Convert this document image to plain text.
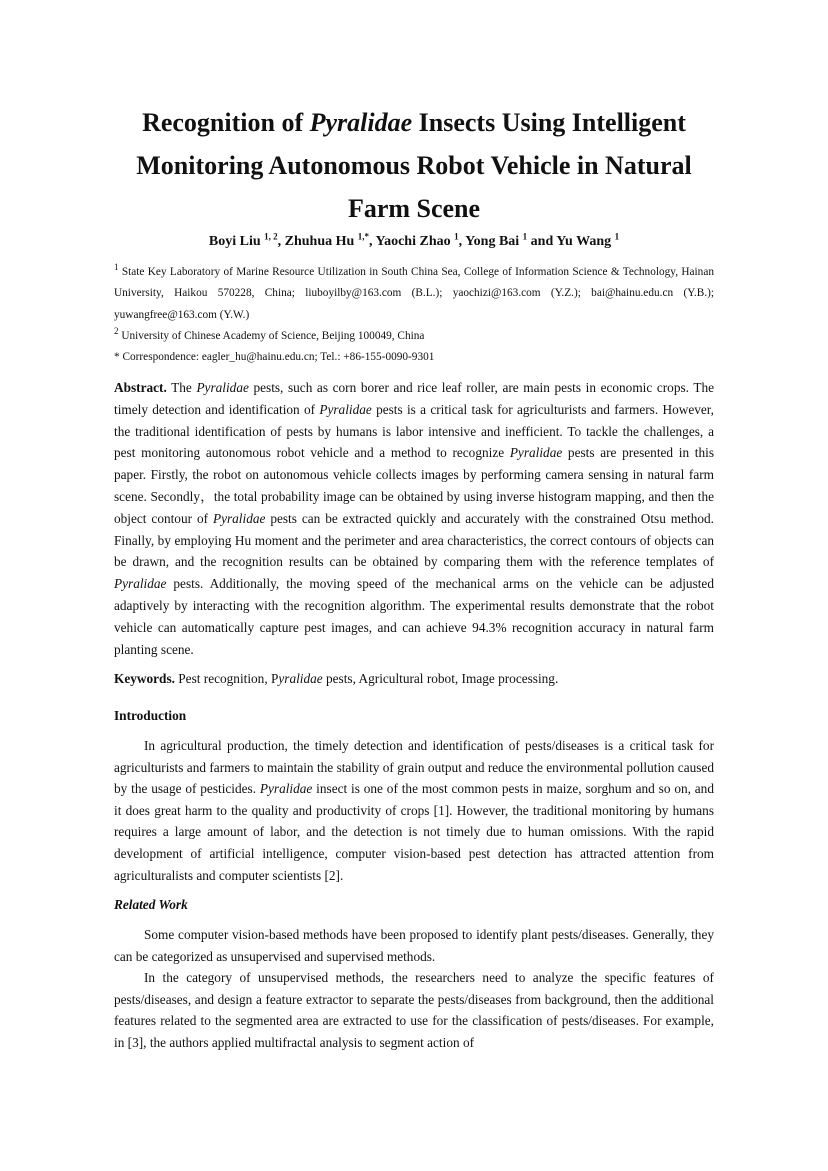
Recognition of Pyralidae Insects Using Intelligent Monitoring Autonomous Robot Vehicle in Natural Farm Scene
Boyi Liu $^{1, 2}$, Zhuhua Hu $^{1,*}$, Yaochi Zhao $^1$, Yong Bai $^1$ and Yu Wang $^1$

$^1$ State Key Laboratory of Marine Resource Utilization in South China Sea, College of Information Science & Technology, Hainan University, Haikou 570228, China; liuboyilby@163.com (B.L.); yaochizi@163.com (Y.Z.); bai@hainu.edu.cn (Y.B.); yuwangfree@163.com (Y.W.)

$^2$ University of Chinese Academy of Science, Beijing 100049, China

* Correspondence: eagler_hu@hainu.edu.cn; Tel.: +86-155-0090-9301

Abstract. The Pyralidae pests, such as corn borer and rice leaf roller, are main pests in economic crops. The timely detection and identification of Pyralidae pests is a critical task for agriculturists and farmers. However, the traditional identification of pests by humans is labor intensive and inefficient. To tackle the challenges, a pest monitoring autonomous robot vehicle and a method to recognize Pyralidae pests are presented in this paper. Firstly, the robot on autonomous vehicle collects images by performing camera sensing in natural farm scene. Secondly，the total probability image can be obtained by using inverse histogram mapping, and then the object contour of Pyralidae pests can be extracted quickly and accurately with the constrained Otsu method. Finally, by employing Hu moment and the perimeter and area characteristics, the correct contours of objects can be drawn, and the recognition results can be obtained by comparing them with the reference templates of Pyralidae pests. Additionally, the moving speed of the mechanical arms on the vehicle can be adjusted adaptively by interacting with the recognition algorithm. The experimental results demonstrate that the robot vehicle can automatically capture pest images, and can achieve 94.3% recognition accuracy in natural farm planting scene.

Keywords. Pest recognition, Pyralidae pests, Agricultural robot, Image processing.

Introduction

In agricultural production, the timely detection and identification of pests/diseases is a critical task for agriculturists and farmers to maintain the stability of grain output and reduce the environmental pollution caused by the usage of pesticides. Pyralidae insect is one of the most common pests in maize, sorghum and so on, and it does great harm to the quality and productivity of crops [1]. However, the traditional monitoring by humans requires a large amount of labor, and the detection is not timely due to human omissions. With the rapid development of artificial intelligence, computer vision-based pest detection has attracted attention from agriculturalists and computer scientists [2].

Related Work

Some computer vision-based methods have been proposed to identify plant pests/diseases. Generally, they can be categorized as unsupervised and supervised methods.

In the category of unsupervised methods, the researchers need to analyze the specific features of pests/diseases, and design a feature extractor to separate the pests/diseases from background, then the additional features related to the segmented area are extracted to use for the classification of pests/diseases. For example, in [3], the authors applied multifractal analysis to segment action of
